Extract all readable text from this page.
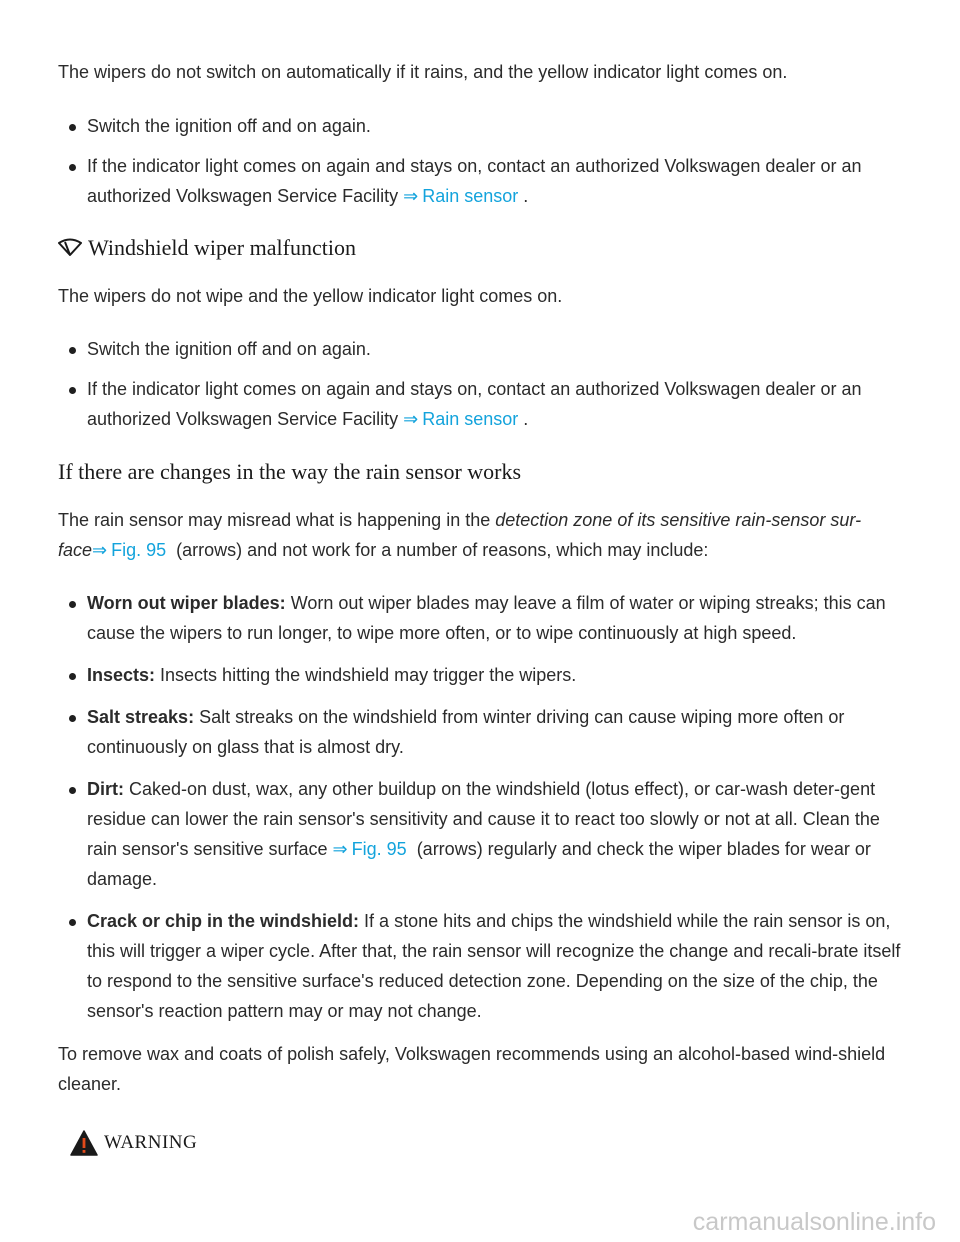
The wipers do not switch on automatically if it rains, and the yellow indicator light comes on.

Switch the ignition off and on again.
If the indicator light comes on again and stays on, contact an authorized Volkswagen dealer or an authorized Volkswagen Service Facility ⇒ Rain sensor .
Windshield wiper malfunction

The wipers do not wipe and the yellow indicator light comes on.

Switch the ignition off and on again.
If the indicator light comes on again and stays on, contact an authorized Volkswagen dealer or an authorized Volkswagen Service Facility ⇒ Rain sensor .
If there are changes in the way the rain sensor works

The rain sensor may misread what is happening in the detection zone of its sensitive rain-sensor sur-face⇒ Fig. 95 (arrows) and not work for a number of reasons, which may include:

Worn out wiper blades: Worn out wiper blades may leave a film of water or wiping streaks; this can cause the wipers to run longer, to wipe more often, or to wipe continuously at high speed.
Insects: Insects hitting the windshield may trigger the wipers.
Salt streaks: Salt streaks on the windshield from winter driving can cause wiping more often or continuously on glass that is almost dry.
Dirt: Caked-on dust, wax, any other buildup on the windshield (lotus effect), or car-wash deter-gent residue can lower the rain sensor's sensitivity and cause it to react too slowly or not at all. Clean the rain sensor's sensitive surface ⇒ Fig. 95 (arrows) regularly and check the wiper blades for wear or damage.
Crack or chip in the windshield: If a stone hits and chips the windshield while the rain sensor is on, this will trigger a wiper cycle. After that, the rain sensor will recognize the change and recali-brate itself to respond to the sensitive surface's reduced detection zone. Depending on the size of the chip, the sensor's reaction pattern may or may not change.

To remove wax and coats of polish safely, Volkswagen recommends using an alcohol-based wind-shield cleaner.

WARNING
carmanualsonline.info
